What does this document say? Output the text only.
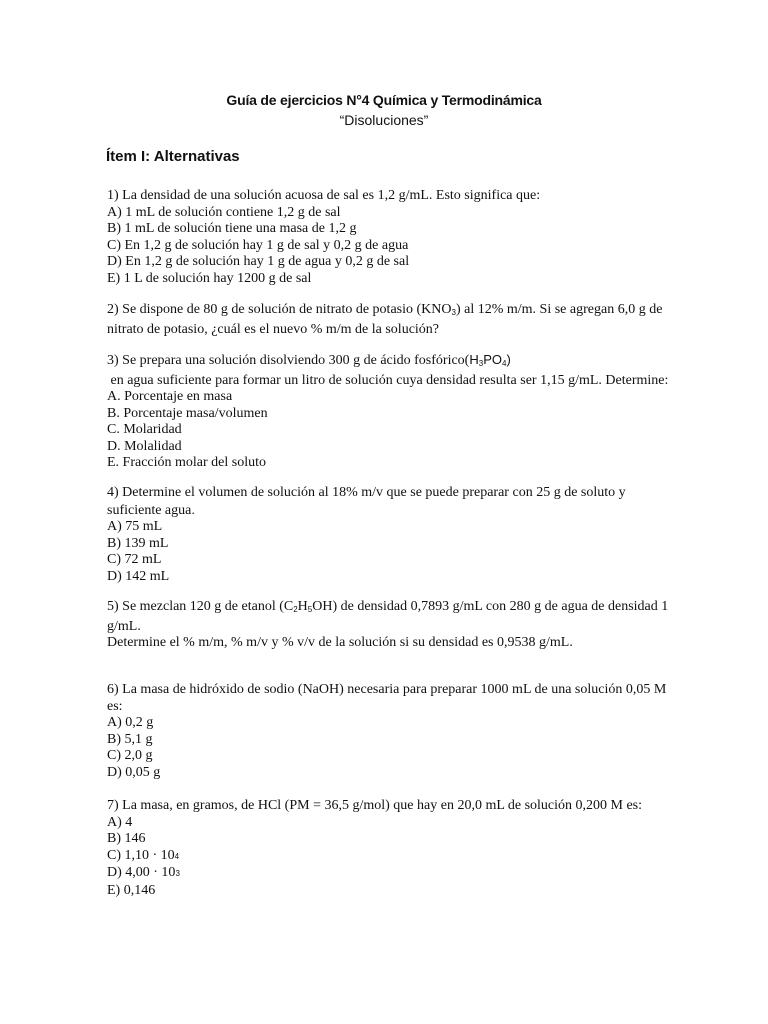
Guía de ejercicios N°4 Química y Termodinámica
“Disoluciones”
Ítem I: Alternativas
1) La densidad de una solución acuosa de sal es 1,2 g/mL. Esto significa que:
A) 1 mL de solución contiene 1,2 g de sal
B) 1 mL de solución tiene una masa de 1,2 g
C) En 1,2 g de solución hay 1 g de sal y 0,2 g de agua
D) En 1,2 g de solución hay 1 g de agua y 0,2 g de sal
E) 1 L de solución hay 1200 g de sal
2) Se dispone de 80 g de solución de nitrato de potasio $(KNO_3)$ al 12% m/m. Si se agregan 6,0 g de
nitrato de potasio, ¿cuál es el nuevo % m/m de la solución?
3) Se prepara una solución disolviendo 300 g de ácido $fosfórico(H_3PO_4)$
en agua suficiente para formar un litro de solución cuya densidad resulta ser 1,15 g/mL. Determine:
A. Porcentaje en masa
B. Porcentaje masa/volumen
C. Molaridad
D. Molalidad
E. Fracción molar del soluto
4) Determine el volumen de solución al 18% m/v que se puede preparar con 25 g de soluto y
suficiente agua.
A) 75 mL
B) 139 mL
C) 72 mL
D) 142 mL
5) Se mezclan 120 g de etanol $(C_2H_5OH)$ de densidad 0,7893 g/mL con 280 g de agua de densidad 1
g/mL.
Determine el % m/m, % m/v y % v/v de la solución si su densidad es 0,9538 g/mL.
6) La masa de hidróxido de sodio (NaOH) necesaria para preparar 1000 mL de una solución 0,05 M
es:
A) 0,2 g
B) 5,1 g
C) 2,0 g
D) 0,05 g
7) La masa, en gramos, de HCl (PM = 36,5 g/mol) que hay en 20,0 mL de solución 0,200 M es:
A) 4
B) 146
C) 1,10 · 104
D) 4,00 · 103
E) 0,146
